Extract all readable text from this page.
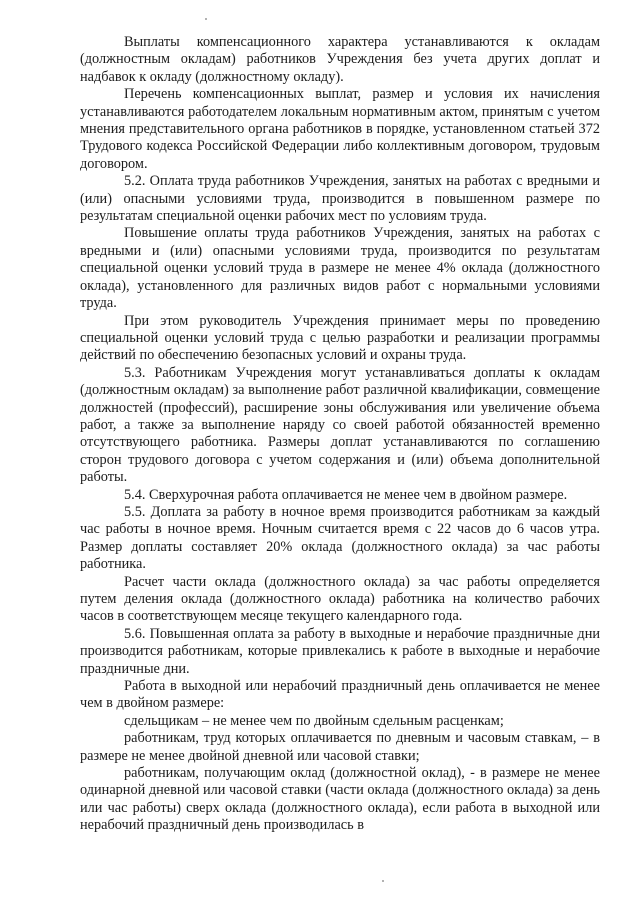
Выплаты компенсационного характера устанавливаются к окладам (должностным окладам) работников Учреждения без учета других доплат и надбавок к окладу (должностному окладу).

Перечень компенсационных выплат, размер и условия их начисления устанавливаются работодателем локальным нормативным актом, принятым с учетом мнения представительного органа работников в порядке, установленном статьей 372 Трудового кодекса Российской Федерации либо коллективным договором, трудовым договором.

5.2. Оплата труда работников Учреждения, занятых на работах с вредными и (или) опасными условиями труда, производится в повышенном размере по результатам специальной оценки рабочих мест по условиям труда.

Повышение оплаты труда работников Учреждения, занятых на работах с вредными и (или) опасными условиями труда, производится по результатам специальной оценки условий труда в размере не менее 4% оклада (должностного оклада), установленного для различных видов работ с нормальными условиями труда.

При этом руководитель Учреждения принимает меры по проведению специальной оценки условий труда с целью разработки и реализации программы действий по обеспечению безопасных условий и охраны труда.

5.3. Работникам Учреждения могут устанавливаться доплаты к окладам (должностным окладам) за выполнение работ различной квалификации, совмещение должностей (профессий), расширение зоны обслуживания или увеличение объема работ, а также за выполнение наряду со своей работой обязанностей временно отсутствующего работника. Размеры доплат устанавливаются по соглашению сторон трудового договора с учетом содержания и (или) объема дополнительной работы.

5.4. Сверхурочная работа оплачивается не менее чем в двойном размере.

5.5. Доплата за работу в ночное время производится работникам за каждый час работы в ночное время. Ночным считается время с 22 часов до 6 часов утра. Размер доплаты составляет 20% оклада (должностного оклада) за час работы работника.

Расчет части оклада (должностного оклада) за час работы определяется путем деления оклада (должностного оклада) работника на количество рабочих часов в соответствующем месяце текущего календарного года.

5.6. Повышенная оплата за работу в выходные и нерабочие праздничные дни производится работникам, которые привлекались к работе в выходные и нерабочие праздничные дни.

Работа в выходной или нерабочий праздничный день оплачивается не менее чем в двойном размере:

сдельщикам – не менее чем по двойным сдельным расценкам;

работникам, труд которых оплачивается по дневным и часовым ставкам, – в размере не менее двойной дневной или часовой ставки;

работникам, получающим оклад (должностной оклад), - в размере не менее одинарной дневной или часовой ставки (части оклада (должностного оклада) за день или час работы) сверх оклада (должностного оклада), если работа в выходной или нерабочий праздничный день производилась в
